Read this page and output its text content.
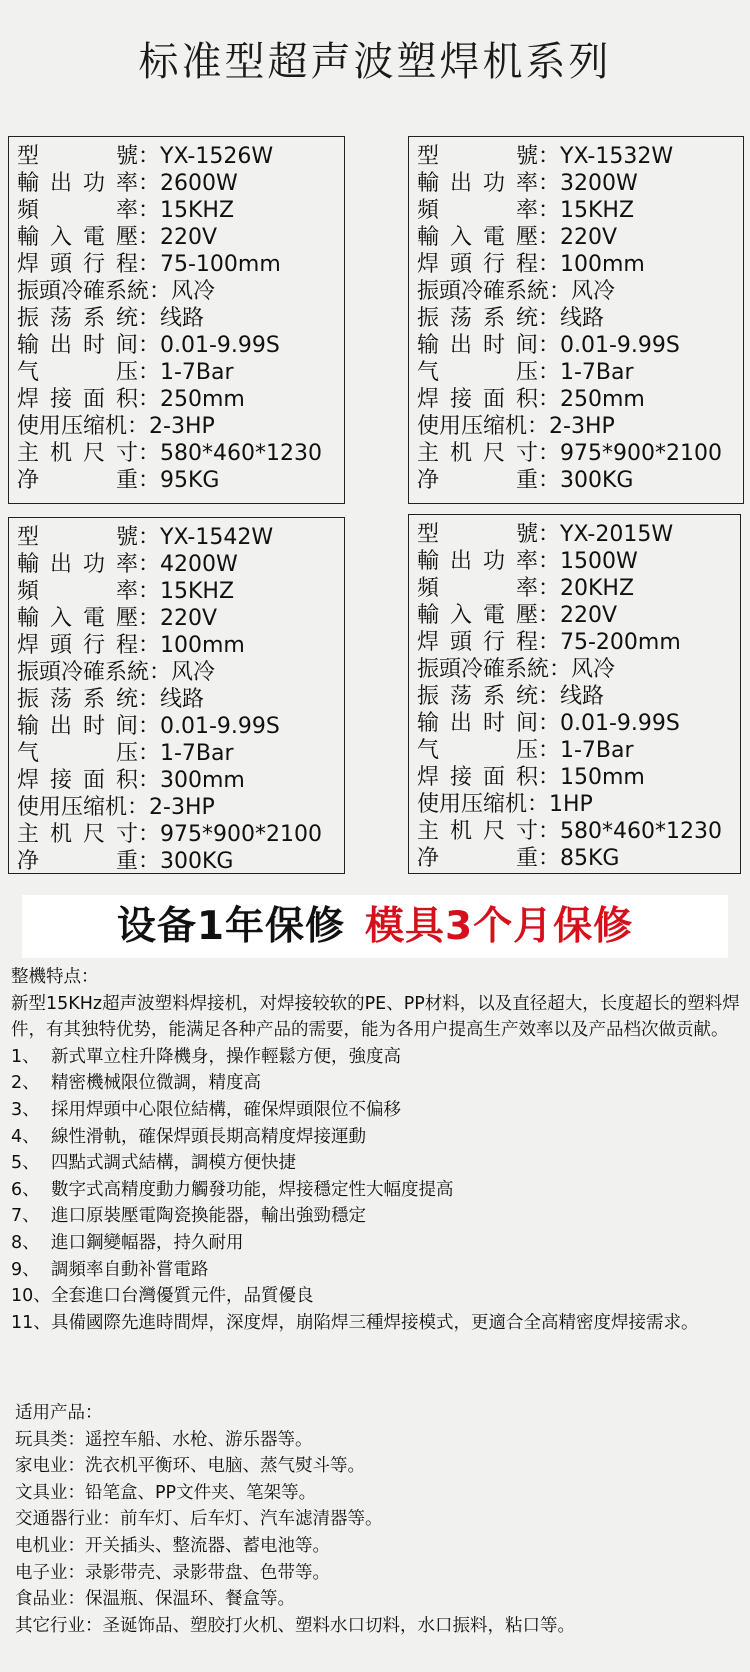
标准型超声波塑焊机系列
型　號 ： YX-1526W
輸出功率 ： 2600W
頻　率 ： 15KHZ
輸入電壓 ： 220V
焊頭行程 ： 75-100mm
振頭冷確系統 ： 风冷
振荡系统 ： 线路
输出时间 ： 0.01-9.99S
气　压 ： 1-7Bar
焊接面积 ： 250mm
使用压缩机 ： 2-3HP
主机尺寸 ： 580*460*1230
净　重 ： 95KG
型　號 ： YX-1532W
輸出功率 ： 3200W
頻　率 ： 15KHZ
輸入電壓 ： 220V
焊頭行程 ： 100mm
振頭冷確系統 ： 风冷
振荡系统 ： 线路
输出时间 ： 0.01-9.99S
气　压 ： 1-7Bar
焊接面积 ： 250mm
使用压缩机 ： 2-3HP
主机尺寸 ： 975*900*2100
净　重 ： 300KG
型　號 ： YX-1542W
輸出功率 ： 4200W
頻　率 ： 15KHZ
輸入電壓 ： 220V
焊頭行程 ： 100mm
振頭冷確系統 ： 风冷
振荡系统 ： 线路
输出时间 ： 0.01-9.99S
气　压 ： 1-7Bar
焊接面积 ： 300mm
使用压缩机 ： 2-3HP
主机尺寸 ： 975*900*2100
净　重 ： 300KG
型　號 ： YX-2015W
輸出功率 ： 1500W
頻　率 ： 20KHZ
輸入電壓 ： 220V
焊頭行程 ： 75-200mm
振頭冷確系統 ： 风冷
振荡系统 ： 线路
输出时间 ： 0.01-9.99S
气　压 ： 1-7Bar
焊接面积 ： 150mm
使用压缩机 ： 1HP
主机尺寸 ： 580*460*1230
净　重 ： 85KG
设备1年保修 模具3个月保修

整機特点：

新型15KHz超声波塑料焊接机，对焊接较软的PE、PP材料，以及直径超大，长度超长的塑料焊件，有其独特优势，能满足各种产品的需要，能为各用户提高生产效率以及产品档次做贡献。

1、 新式單立柱升降機身，操作輕鬆方便，強度高
2、 精密機械限位微調，精度高
3、 採用焊頭中心限位結構，確保焊頭限位不偏移
4、 線性滑軌，確保焊頭長期高精度焊接運動
5、 四點式調式結構，調模方便快捷
6、 數字式高精度動力觸發功能，焊接穩定性大幅度提高
7、 進口原裝壓電陶瓷換能器，輸出強勁穩定
8、 進口鋼變幅器，持久耐用
9、 調頻率自動补嘗電路
10、 全套進口台灣優質元件，品質優良
11、 具備國際先進時間焊，深度焊，崩陷焊三種焊接模式，更適合全高精密度焊接需求。

适用产品：

玩具类：遥控车船、水枪、游乐器等。

家电业：洗衣机平衡环、电脑、蒸气熨斗等。

文具业：铅笔盒、PP文件夹、笔架等。

交通器行业：前车灯、后车灯、汽车滤清器等。

电机业：开关插头、整流器、蓄电池等。

电子业：录影带壳、录影带盘、色带等。

食品业：保温瓶、保温环、餐盒等。

其它行业：圣诞饰品、塑胶打火机、塑料水口切料，水口振料，粘口等。
